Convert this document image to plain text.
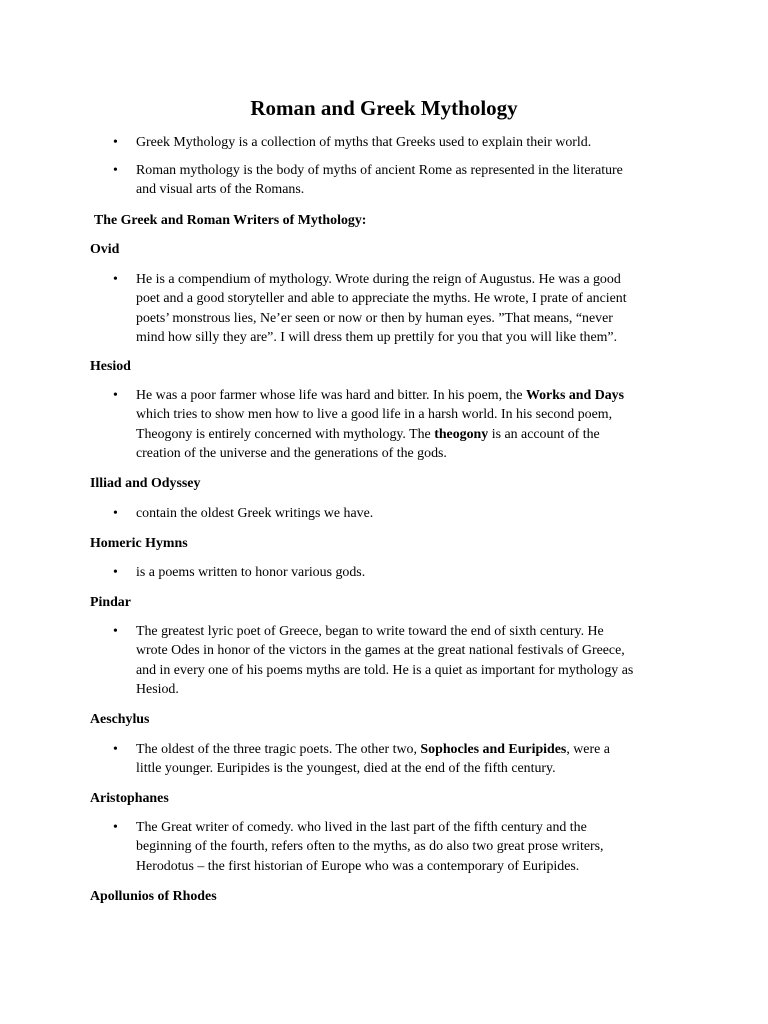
Roman and Greek Mythology
• Greek Mythology is a collection of myths that Greeks used to explain their world.
• Roman mythology is the body of myths of ancient Rome as represented in the literature
and visual arts of the Romans.
The Greek and Roman Writers of Mythology:
Ovid
• He is a compendium of mythology. Wrote during the reign of Augustus. He was a good
poet and a good storyteller and able to appreciate the myths. He wrote, I prate of ancient
poets’ monstrous lies, Ne’er seen or now or then by human eyes. ”That means, “never
mind how silly they are”. I will dress them up prettily for you that you will like them”.
Hesiod
• He was a poor farmer whose life was hard and bitter. In his poem, the Works and Days
which tries to show men how to live a good life in a harsh world. In his second poem,
Theogony is entirely concerned with mythology. The theogony is an account of the
creation of the universe and the generations of the gods.
Illiad and Odyssey
• contain the oldest Greek writings we have.
Homeric Hymns
• is a poems written to honor various gods.
Pindar
• The greatest lyric poet of Greece, began to write toward the end of sixth century. He
wrote Odes in honor of the victors in the games at the great national festivals of Greece,
and in every one of his poems myths are told. He is a quiet as important for mythology as
Hesiod.
Aeschylus
• The oldest of the three tragic poets. The other two, Sophocles and Euripides, were a
little younger. Euripides is the youngest, died at the end of the fifth century.
Aristophanes
• The Great writer of comedy. who lived in the last part of the fifth century and the
beginning of the fourth, refers often to the myths, as do also two great prose writers,
Herodotus – the first historian of Europe who was a contemporary of Euripides.
Apollunios of Rhodes
